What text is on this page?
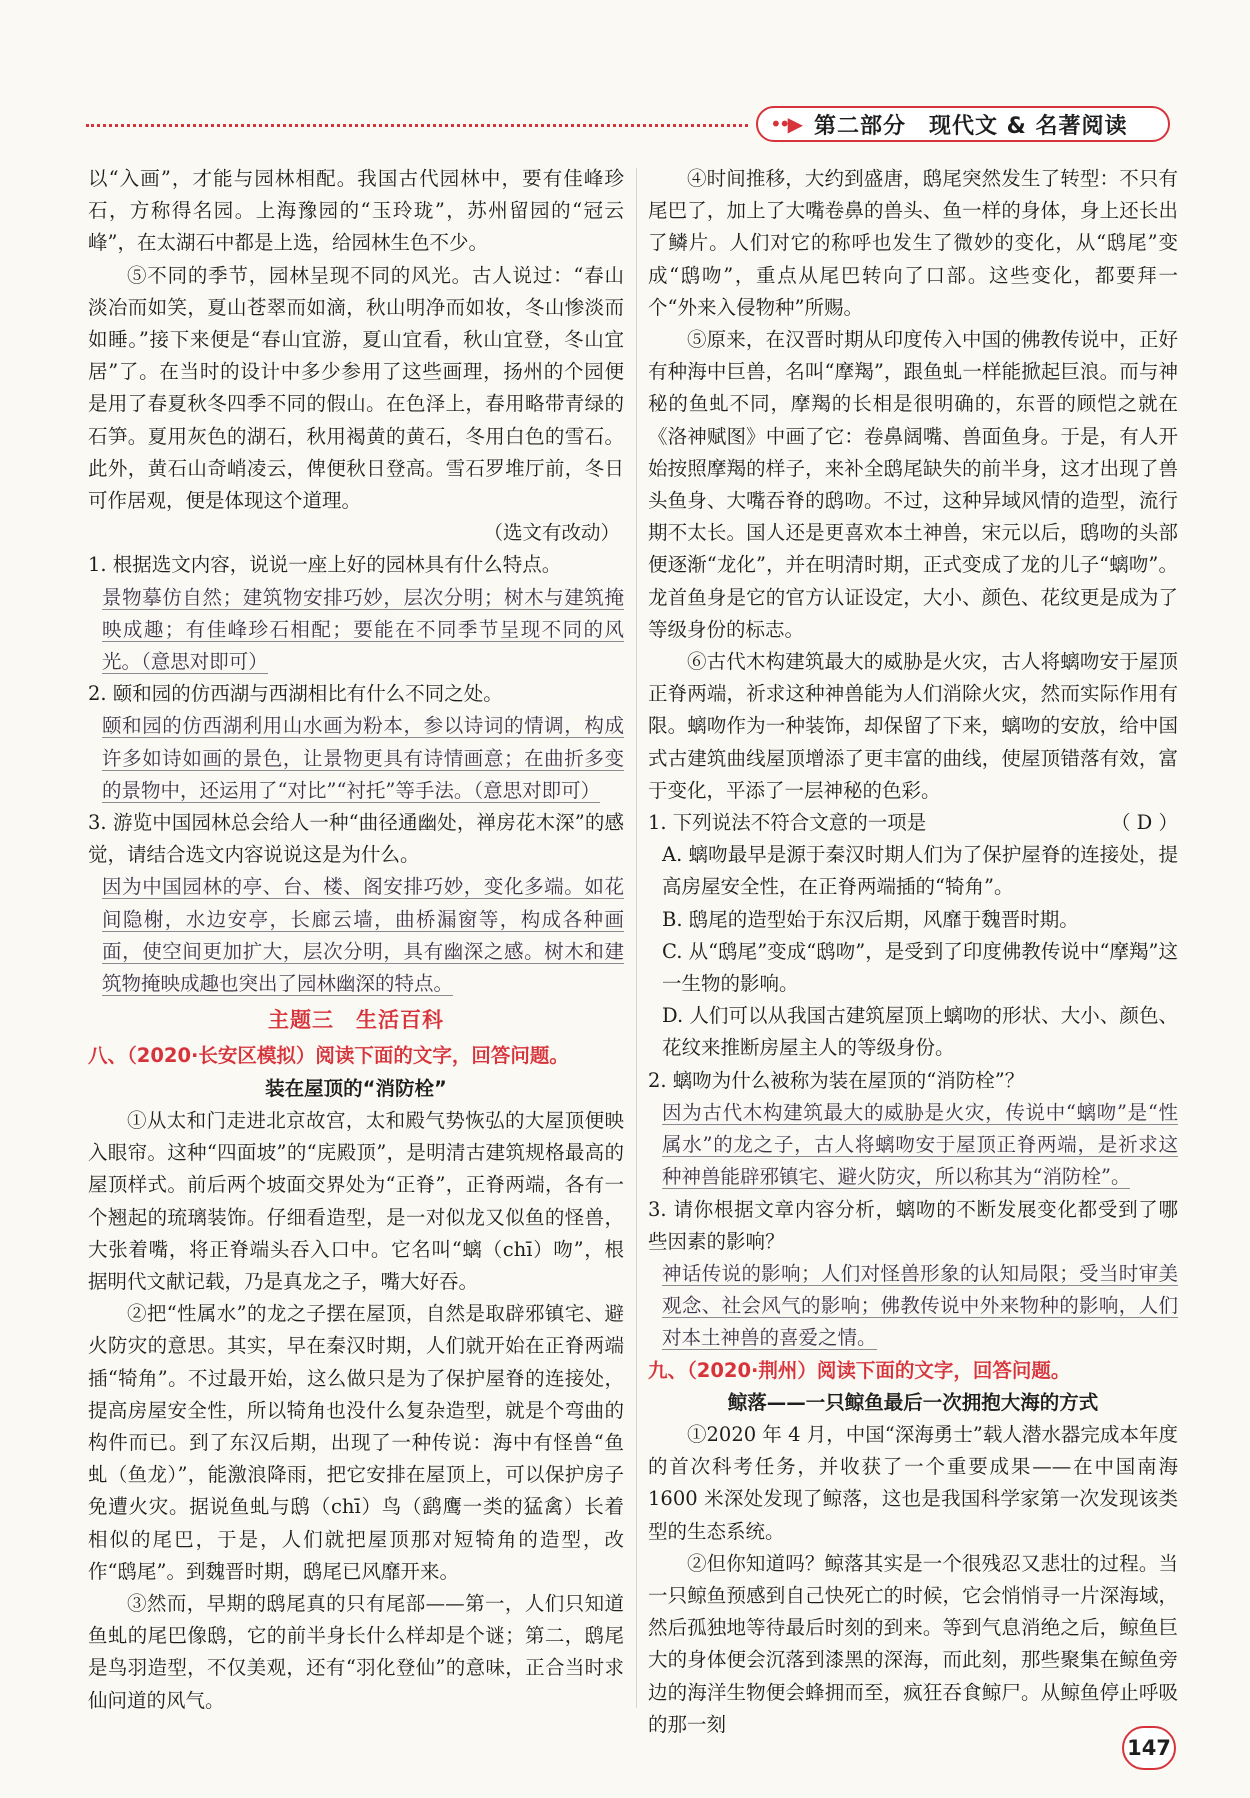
••▶ 第二部分　现代文 & 名著阅读

以“入画”，才能与园林相配。我国古代园林中，要有佳峰珍石，方称得名园。上海豫园的“玉玲珑”，苏州留园的“冠云峰”，在太湖石中都是上选，给园林生色不少。

⑤不同的季节，园林呈现不同的风光。古人说过：“春山淡冶而如笑，夏山苍翠而如滴，秋山明净而如妆，冬山惨淡而如睡。”接下来便是“春山宜游，夏山宜看，秋山宜登，冬山宜居”了。在当时的设计中多少参用了这些画理，扬州的个园便是用了春夏秋冬四季不同的假山。在色泽上，春用略带青绿的石笋。夏用灰色的湖石，秋用褐黄的黄石，冬用白色的雪石。此外，黄石山奇峭凌云，俾便秋日登高。雪石罗堆厅前，冬日可作居观，便是体现这个道理。

（选文有改动）

1. 根据选文内容，说说一座上好的园林具有什么特点。

景物摹仿自然；建筑物安排巧妙，层次分明；树木与建筑掩映成趣；有佳峰珍石相配；要能在不同季节呈现不同的风光。（意思对即可）

2. 颐和园的仿西湖与西湖相比有什么不同之处。

颐和园的仿西湖利用山水画为粉本，参以诗词的情调，构成许多如诗如画的景色，让景物更具有诗情画意；在曲折多变的景物中，还运用了“对比”“衬托”等手法。（意思对即可）

3. 游览中国园林总会给人一种“曲径通幽处，禅房花木深”的感觉，请结合选文内容说说这是为什么。

因为中国园林的亭、台、楼、阁安排巧妙，变化多端。如花间隐榭，水边安亭，长廊云墙，曲桥漏窗等，构成各种画面，使空间更加扩大，层次分明，具有幽深之感。树木和建筑物掩映成趣也突出了园林幽深的特点。

主题三　生活百科

八、（2020·长安区模拟）阅读下面的文字，回答问题。

装在屋顶的“消防栓”

①从太和门走进北京故宫，太和殿气势恢弘的大屋顶便映入眼帘。这种“四面坡”的“庑殿顶”，是明清古建筑规格最高的屋顶样式。前后两个坡面交界处为“正脊”，正脊两端，各有一个翘起的琉璃装饰。仔细看造型，是一对似龙又似鱼的怪兽，大张着嘴，将正脊端头吞入口中。它名叫“螭（chī）吻”，根据明代文献记载，乃是真龙之子，嘴大好吞。

②把“性属水”的龙之子摆在屋顶，自然是取辟邪镇宅、避火防灾的意思。其实，早在秦汉时期，人们就开始在正脊两端插“犄角”。不过最开始，这么做只是为了保护屋脊的连接处，提高房屋安全性，所以犄角也没什么复杂造型，就是个弯曲的构件而已。到了东汉后期，出现了一种传说：海中有怪兽“鱼虬（鱼龙）”，能激浪降雨，把它安排在屋顶上，可以保护房子免遭火灾。据说鱼虬与鸱（chī）鸟（鹞鹰一类的猛禽）长着相似的尾巴，于是，人们就把屋顶那对短犄角的造型，改作“鸱尾”。到魏晋时期，鸱尾已风靡开来。

③然而，早期的鸱尾真的只有尾部——第一，人们只知道鱼虬的尾巴像鸱，它的前半身长什么样却是个谜；第二，鸱尾是鸟羽造型，不仅美观，还有“羽化登仙”的意味，正合当时求仙问道的风气。

④时间推移，大约到盛唐，鸱尾突然发生了转型：不只有尾巴了，加上了大嘴卷鼻的兽头、鱼一样的身体，身上还长出了鳞片。人们对它的称呼也发生了微妙的变化，从“鸱尾”变成“鸱吻”，重点从尾巴转向了口部。这些变化，都要拜一个“外来入侵物种”所赐。

⑤原来，在汉晋时期从印度传入中国的佛教传说中，正好有种海中巨兽，名叫“摩羯”，跟鱼虬一样能掀起巨浪。而与神秘的鱼虬不同，摩羯的长相是很明确的，东晋的顾恺之就在《洛神赋图》中画了它：卷鼻阔嘴、兽面鱼身。于是，有人开始按照摩羯的样子，来补全鸱尾缺失的前半身，这才出现了兽头鱼身、大嘴吞脊的鸱吻。不过，这种异域风情的造型，流行期不太长。国人还是更喜欢本土神兽，宋元以后，鸱吻的头部便逐渐“龙化”，并在明清时期，正式变成了龙的儿子“螭吻”。龙首鱼身是它的官方认证设定，大小、颜色、花纹更是成为了等级身份的标志。

⑥古代木构建筑最大的威胁是火灾，古人将螭吻安于屋顶正脊两端，祈求这种神兽能为人们消除火灾，然而实际作用有限。螭吻作为一种装饰，却保留了下来，螭吻的安放，给中国式古建筑曲线屋顶增添了更丰富的曲线，使屋顶错落有效，富于变化，平添了一层神秘的色彩。

1. 下列说法不符合文意的一项是	（ D ）

A. 螭吻最早是源于秦汉时期人们为了保护屋脊的连接处，提高房屋安全性，在正脊两端插的“犄角”。

B. 鸱尾的造型始于东汉后期，风靡于魏晋时期。

C. 从“鸱尾”变成“鸱吻”，是受到了印度佛教传说中“摩羯”这一生物的影响。

D. 人们可以从我国古建筑屋顶上螭吻的形状、大小、颜色、花纹来推断房屋主人的等级身份。

2. 螭吻为什么被称为装在屋顶的“消防栓”？

因为古代木构建筑最大的威胁是火灾，传说中“螭吻”是“性属水”的龙之子，古人将螭吻安于屋顶正脊两端，是祈求这种神兽能辟邪镇宅、避火防灾，所以称其为“消防栓”。

3. 请你根据文章内容分析，螭吻的不断发展变化都受到了哪些因素的影响？

神话传说的影响；人们对怪兽形象的认知局限；受当时审美观念、社会风气的影响；佛教传说中外来物种的影响，人们对本土神兽的喜爱之情。

九、（2020·荆州）阅读下面的文字，回答问题。

鲸落——一只鲸鱼最后一次拥抱大海的方式

①2020 年 4 月，中国“深海勇士”载人潜水器完成本年度的首次科考任务，并收获了一个重要成果——在中国南海 1600 米深处发现了鲸落，这也是我国科学家第一次发现该类型的生态系统。

②但你知道吗？鲸落其实是一个很残忍又悲壮的过程。当一只鲸鱼预感到自己快死亡的时候，它会悄悄寻一片深海域，然后孤独地等待最后时刻的到来。等到气息消绝之后，鲸鱼巨大的身体便会沉落到漆黑的深海，而此刻，那些聚集在鲸鱼旁边的海洋生物便会蜂拥而至，疯狂吞食鲸尸。从鲸鱼停止呼吸的那一刻

147
